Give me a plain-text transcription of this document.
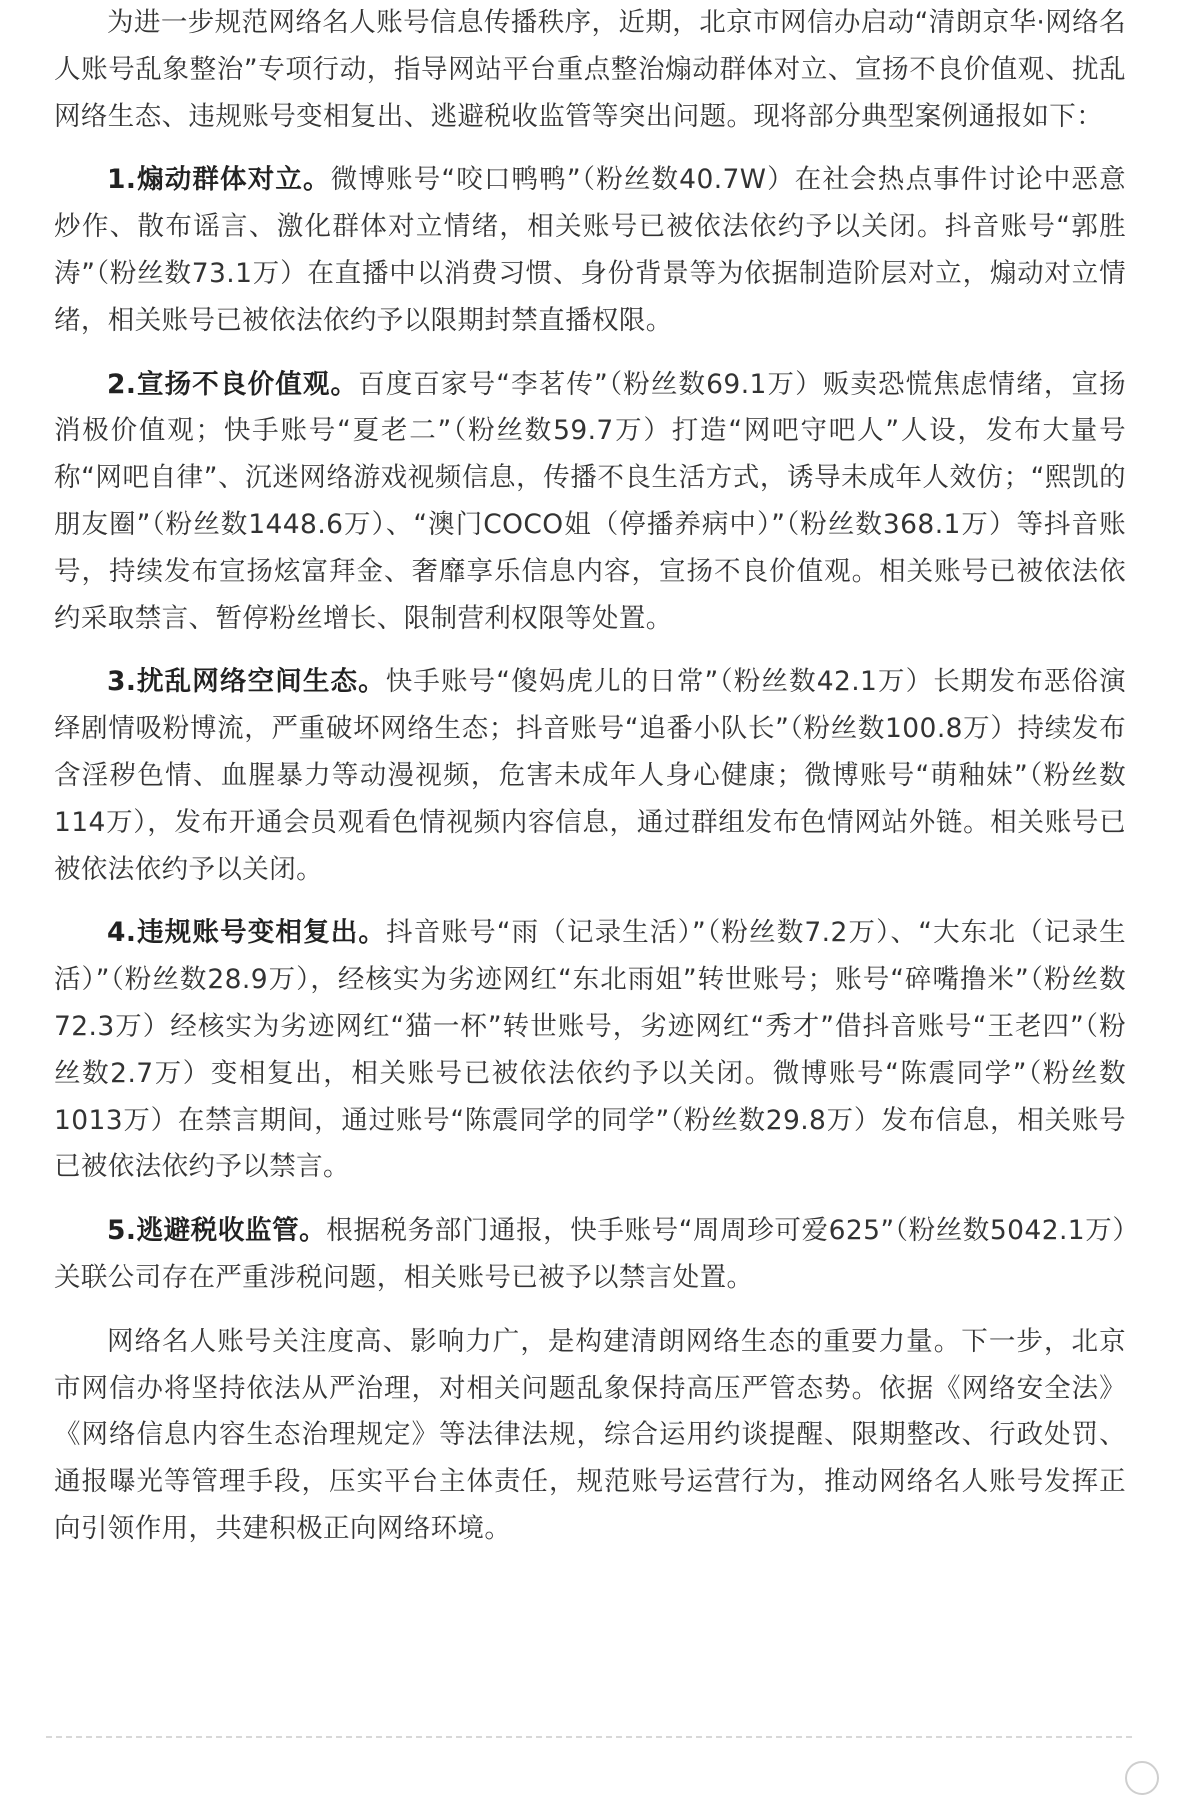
为进一步规范网络名人账号信息传播秩序，近期，北京市网信办启动“清朗京华·网络名人账号乱象整治”专项行动，指导网站平台重点整治煽动群体对立、宣扬不良价值观、扰乱网络生态、违规账号变相复出、逃避税收监管等突出问题。现将部分典型案例通报如下：

1.煽动群体对立。微博账号“咬口鸭鸭”（粉丝数40.7W）在社会热点事件讨论中恶意炒作、散布谣言、激化群体对立情绪，相关账号已被依法依约予以关闭。抖音账号“郭胜涛”（粉丝数73.1万）在直播中以消费习惯、身份背景等为依据制造阶层对立，煽动对立情绪，相关账号已被依法依约予以限期封禁直播权限。

2.宣扬不良价值观。百度百家号“李茗传”（粉丝数69.1万）贩卖恐慌焦虑情绪，宣扬消极价值观；快手账号“夏老二”（粉丝数59.7万）打造“网吧守吧人”人设，发布大量号称“网吧自律”、沉迷网络游戏视频信息，传播不良生活方式，诱导未成年人效仿；“熙凯的朋友圈”（粉丝数1448.6万）、“澳门COCO姐（停播养病中）”（粉丝数368.1万）等抖音账号，持续发布宣扬炫富拜金、奢靡享乐信息内容，宣扬不良价值观。相关账号已被依法依约采取禁言、暂停粉丝增长、限制营利权限等处置。

3.扰乱网络空间生态。快手账号“傻妈虎儿的日常”（粉丝数42.1万）长期发布恶俗演绎剧情吸粉博流，严重破坏网络生态；抖音账号“追番小队长”（粉丝数100.8万）持续发布含淫秽色情、血腥暴力等动漫视频，危害未成年人身心健康；微博账号“萌釉妹”（粉丝数114万），发布开通会员观看色情视频内容信息，通过群组发布色情网站外链。相关账号已被依法依约予以关闭。

4.违规账号变相复出。抖音账号“雨（记录生活）”（粉丝数7.2万）、“大东北（记录生活）”（粉丝数28.9万），经核实为劣迹网红“东北雨姐”转世账号；账号“碎嘴撸米”（粉丝数72.3万）经核实为劣迹网红“猫一杯”转世账号，劣迹网红“秀才”借抖音账号“王老四”（粉丝数2.7万）变相复出，相关账号已被依法依约予以关闭。微博账号“陈震同学”（粉丝数1013万）在禁言期间，通过账号“陈震同学的同学”（粉丝数29.8万）发布信息，相关账号已被依法依约予以禁言。

5.逃避税收监管。根据税务部门通报，快手账号“周周珍可爱625”（粉丝数5042.1万）关联公司存在严重涉税问题，相关账号已被予以禁言处置。

网络名人账号关注度高、影响力广，是构建清朗网络生态的重要力量。下一步，北京市网信办将坚持依法从严治理，对相关问题乱象保持高压严管态势。依据《网络安全法》《网络信息内容生态治理规定》等法律法规，综合运用约谈提醒、限期整改、行政处罚、通报曝光等管理手段，压实平台主体责任，规范账号运营行为，推动网络名人账号发挥正向引领作用，共建积极正向网络环境。
